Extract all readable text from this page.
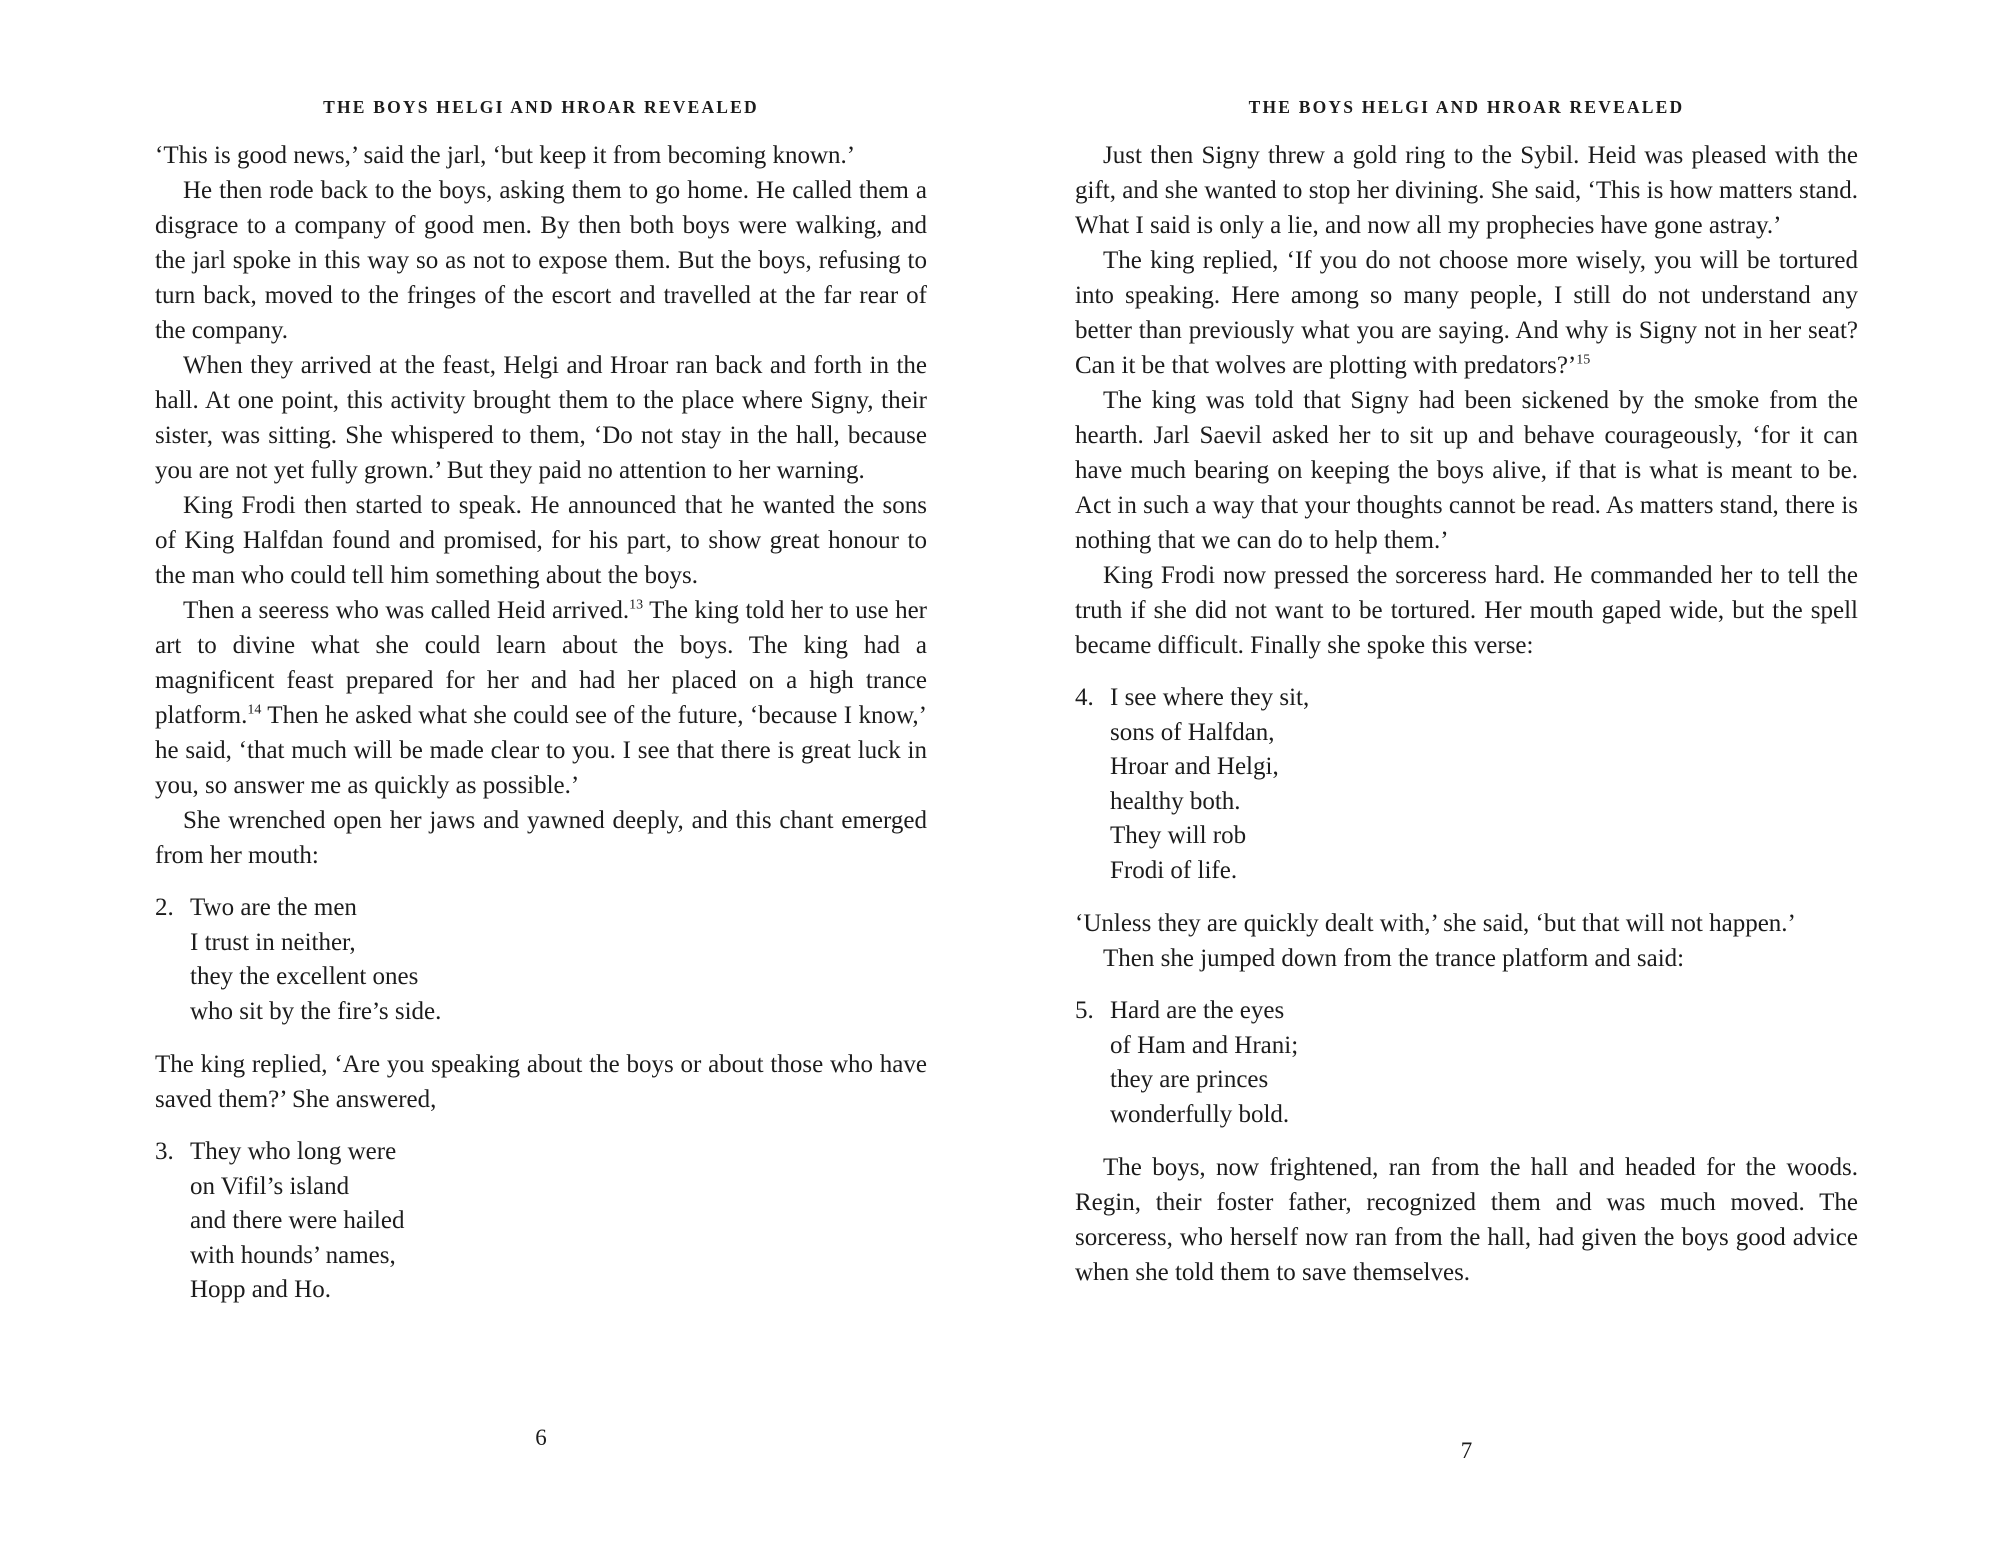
THE BOYS HELGI AND HROAR REVEALED

‘This is good news,’ said the jarl, ‘but keep it from becoming known.’

He then rode back to the boys, asking them to go home. He called them a disgrace to a company of good men. By then both boys were walking, and the jarl spoke in this way so as not to expose them. But the boys, refusing to turn back, moved to the fringes of the escort and travelled at the far rear of the company.

When they arrived at the feast, Helgi and Hroar ran back and forth in the hall. At one point, this activity brought them to the place where Signy, their sister, was sitting. She whispered to them, ‘Do not stay in the hall, because you are not yet fully grown.’ But they paid no attention to her warning.

King Frodi then started to speak. He announced that he wanted the sons of King Halfdan found and promised, for his part, to show great honour to the man who could tell him something about the boys.

Then a seeress who was called Heid arrived.$^{13}$ The king told her to use her art to divine what she could learn about the boys. The king had a magnificent feast prepared for her and had her placed on a high trance platform.$^{14}$ Then he asked what she could see of the future, ‘because I know,’ he said, ‘that much will be made clear to you. I see that there is great luck in you, so answer me as quickly as possible.’

She wrenched open her jaws and yawned deeply, and this chant emerged from her mouth:

2. Two are the men
I trust in neither,
they the excellent ones
who sit by the fire’s side.

The king replied, ‘Are you speaking about the boys or about those who have saved them?’ She answered,

3. They who long were
on Vifil’s island
and there were hailed
with hounds’ names,
Hopp and Ho.
6
THE BOYS HELGI AND HROAR REVEALED

Just then Signy threw a gold ring to the Sybil. Heid was pleased with the gift, and she wanted to stop her divining. She said, ‘This is how matters stand. What I said is only a lie, and now all my prophecies have gone astray.’

The king replied, ‘If you do not choose more wisely, you will be tortured into speaking. Here among so many people, I still do not understand any better than previously what you are saying. And why is Signy not in her seat? Can it be that wolves are plotting with predators?’$^{15}$

The king was told that Signy had been sickened by the smoke from the hearth. Jarl Saevil asked her to sit up and behave courageously, ‘for it can have much bearing on keeping the boys alive, if that is what is meant to be. Act in such a way that your thoughts cannot be read. As matters stand, there is nothing that we can do to help them.’

King Frodi now pressed the sorceress hard. He commanded her to tell the truth if she did not want to be tortured. Her mouth gaped wide, but the spell became difficult. Finally she spoke this verse:

4. I see where they sit,
sons of Halfdan,
Hroar and Helgi,
healthy both.
They will rob
Frodi of life.

‘Unless they are quickly dealt with,’ she said, ‘but that will not happen.’

Then she jumped down from the trance platform and said:

5. Hard are the eyes
of Ham and Hrani;
they are princes
wonderfully bold.

The boys, now frightened, ran from the hall and headed for the woods. Regin, their foster father, recognized them and was much moved. The sorceress, who herself now ran from the hall, had given the boys good advice when she told them to save themselves.

7
